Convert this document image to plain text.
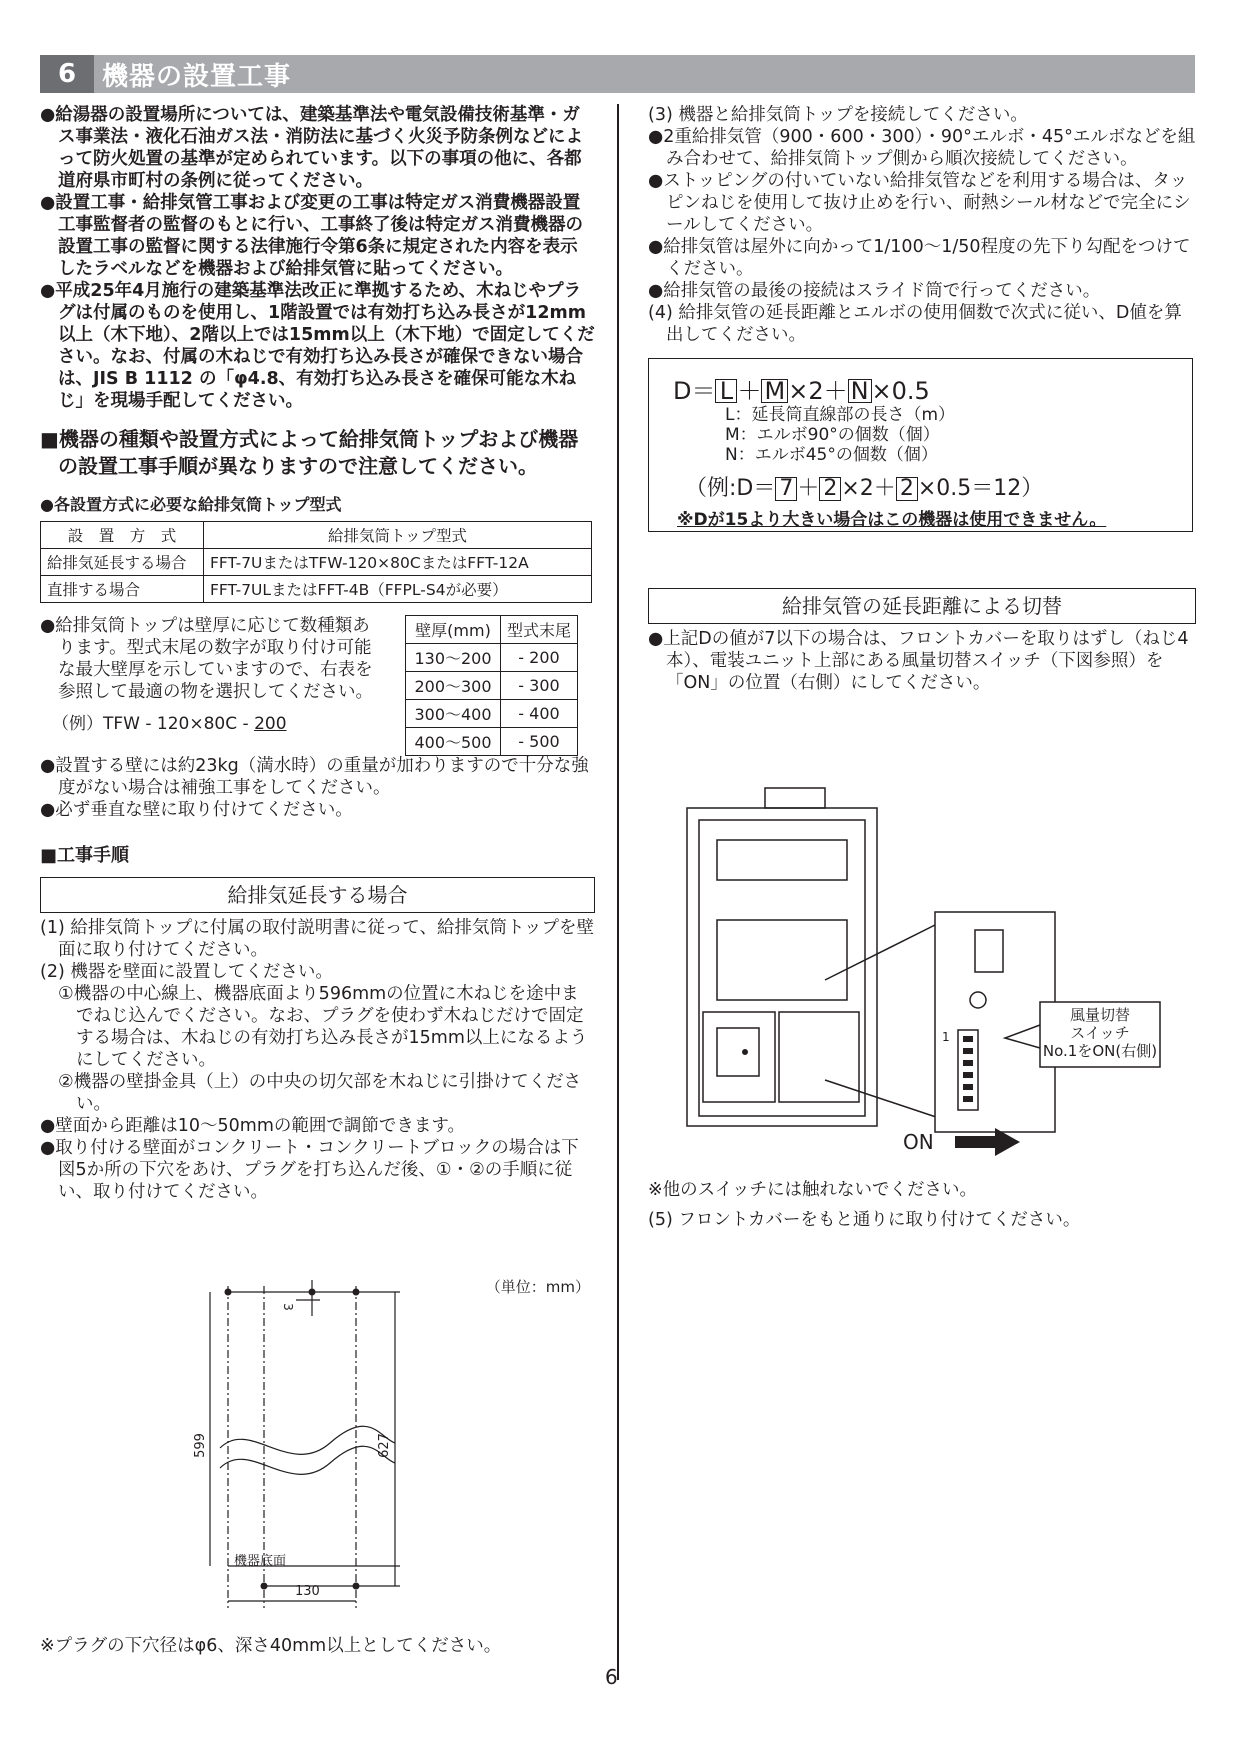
6 機器の設置工事

●給湯器の設置場所については、建築基準法や電気設備技術基準・ガス事業法・液化石油ガス法・消防法に基づく火災予防条例などによって防火処置の基準が定められています。以下の事項の他に、各都道府県市町村の条例に従ってください。

●設置工事・給排気管工事および変更の工事は特定ガス消費機器設置工事監督者の監督のもとに行い、工事終了後は特定ガス消費機器の設置工事の監督に関する法律施行令第6条に規定された内容を表示したラベルなどを機器および給排気管に貼ってください。

●平成25年4月施行の建築基準法改正に準拠するため、木ねじやプラグは付属のものを使用し、1階設置では有効打ち込み長さが12mm以上（木下地）、2階以上では15mm以上（木下地）で固定してください。なお、付属の木ねじで有効打ち込み長さが確保できない場合は、JIS B 1112 の「φ4.8、有効打ち込み長さを確保可能な木ねじ」を現場手配してください。

■機器の種類や設置方式によって給排気筒トップおよび機器の設置工事手順が異なりますので注意してください。

●各設置方式に必要な給排気筒トップ型式

設　置　方　式	給排気筒トップ型式
給排気延長する場合	FFT-7UまたはTFW-120×80CまたはFFT-12A
直排する場合	FFT-7ULまたはFFT-4B（FFPL-S4が必要）

●給排気筒トップは壁厚に応じて数種類あります。型式末尾の数字が取り付け可能な最大壁厚を示していますので、右表を参照して最適の物を選択してください。

（例）TFW - 120×80C - 200
壁厚(mm)	型式末尾
130～200	- 200
200～300	- 300
300～400	- 400
400～500	- 500

●設置する壁には約23kg（満水時）の重量が加わりますので十分な強度がない場合は補強工事をしてください。

●必ず垂直な壁に取り付けてください。

■工事手順

給排気延長する場合

(1) 給排気筒トップに付属の取付説明書に従って、給排気筒トップを壁面に取り付けてください。

(2) 機器を壁面に設置してください。

①機器の中心線上、機器底面より596mmの位置に木ねじを途中までねじ込んでください。なお、プラグを使わず木ねじだけで固定する場合は、木ねじの有効打ち込み長さが15mm以上になるようにしてください。

②機器の壁掛金具（上）の中央の切欠部を木ねじに引掛けてください。

●壁面から距離は10～50mmの範囲で調節できます。

●取り付ける壁面がコンクリート・コンクリートブロックの場合は下図5か所の下穴をあけ、プラグを打ち込んだ後、①・②の手順に従い、取り付けてください。

（単位：mm）
3
599	627
機器底面
130
※プラグの下穴径はφ6、深さ40mm以上としてください。

(3) 機器と給排気筒トップを接続してください。

●2重給排気管（900・600・300）・90°エルボ・45°エルボなどを組み合わせて、給排気筒トップ側から順次接続してください。

●ストッピングの付いていない給排気管などを利用する場合は、タッピンねじを使用して抜け止めを行い、耐熱シール材などで完全にシールしてください。

●給排気管は屋外に向かって1/100～1/50程度の先下り勾配をつけてください。

●給排気管の最後の接続はスライド筒で行ってください。

(4) 給排気管の延長距離とエルボの使用個数で次式に従い、D値を算出してください。

D＝ L ＋ M ×2＋ N ×0.5
L：延長筒直線部の長さ（m）
M：エルボ90°の個数（個）
N：エルボ45°の個数（個）
（例:D＝ 7 ＋ 2 ×2＋ 2 ×0.5＝12）
※Dが15より大きい場合はこの機器は使用できません。
給排気管の延長距離による切替

●上記Dの値が7以下の場合は、フロントカバーを取りはずし（ねじ4本）、電装ユニット上部にある風量切替スイッチ（下図参照）を「ON」の位置（右側）にしてください。

風量切替
スイッチ
No.1をON(右側)
1
ON
※他のスイッチには触れないでください。
(5) フロントカバーをもと通りに取り付けてください。
6
